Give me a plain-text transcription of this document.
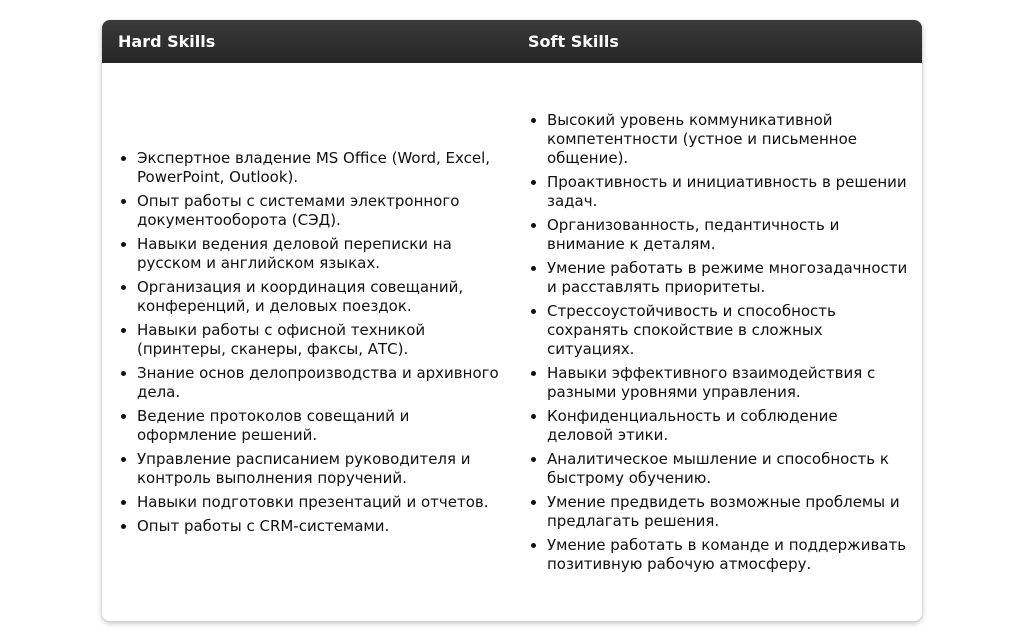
Hard Skills	Soft Skills
• Экспертное владение MS Office (Word, Excel, PowerPoint, Outlook).
• Опыт работы с системами электронного документооборота (СЭД).
• Навыки ведения деловой переписки на русском и английском языках.
• Организация и координация совещаний, конференций, и деловых поездок.
• Навыки работы с офисной техникой (принтеры, сканеры, факсы, АТС).
• Знание основ делопроизводства и архивного дела.
• Ведение протоколов совещаний и оформление решений.
• Управление расписанием руководителя и контроль выполнения поручений.
• Навыки подготовки презентаций и отчетов.
• Опыт работы с CRM-системами.
• Высокий уровень коммуникативной компетентности (устное и письменное общение).
• Проактивность и инициативность в решении задач.
• Организованность, педантичность и внимание к деталям.
• Умение работать в режиме многозадачности и расставлять приоритеты.
• Стрессоустойчивость и способность сохранять спокойствие в сложных ситуациях.
• Навыки эффективного взаимодействия с разными уровнями управления.
• Конфиденциальность и соблюдение деловой этики.
• Аналитическое мышление и способность к быстрому обучению.
• Умение предвидеть возможные проблемы и предлагать решения.
• Умение работать в команде и поддерживать позитивную рабочую атмосферу.
